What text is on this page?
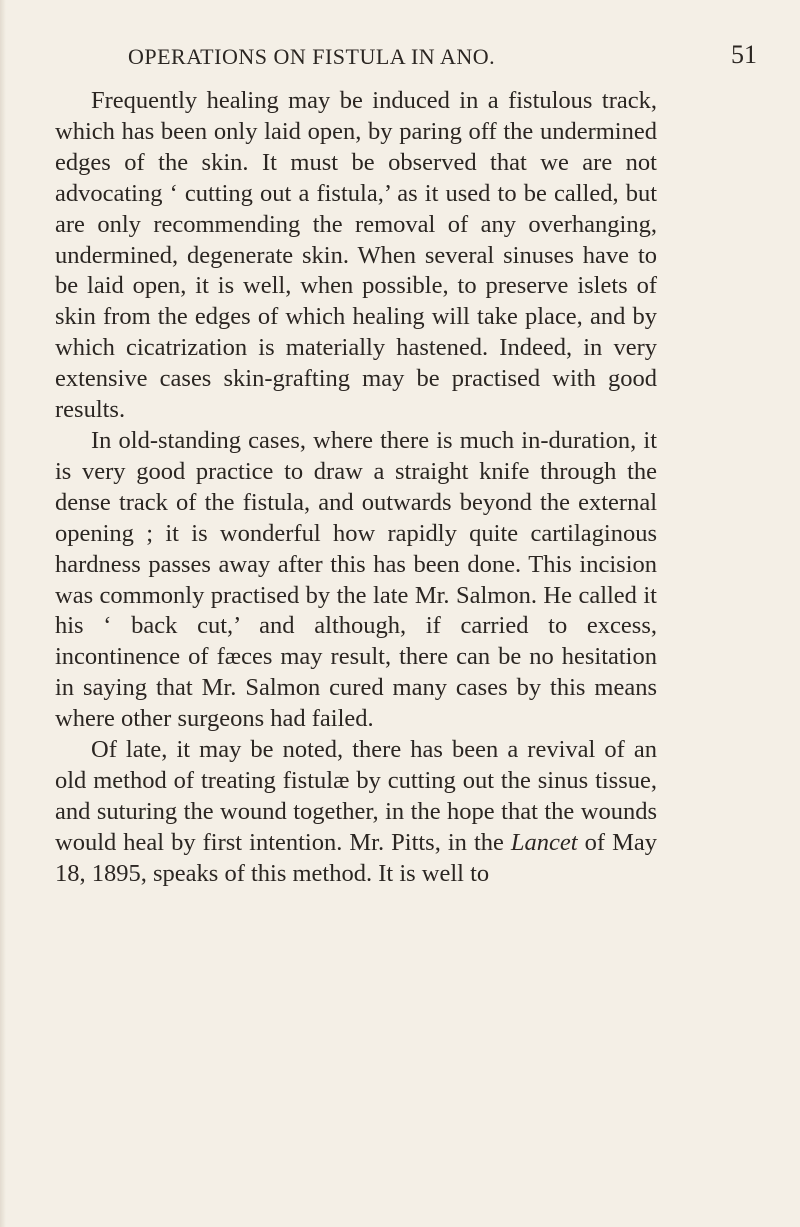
OPERATIONS ON FISTULA IN ANO.	51

Frequently healing may be induced in a fistulous track, which has been only laid open, by paring off the undermined edges of the skin. It must be observed that we are not advocating ‘ cutting out a fistula,’ as it used to be called, but are only recommending the removal of any overhanging, undermined, degenerate skin. When several sinuses have to be laid open, it is well, when possible, to preserve islets of skin from the edges of which healing will take place, and by which cicatrization is materially hastened. Indeed, in very extensive cases skin-grafting may be practised with good results.

In old-standing cases, where there is much in-duration, it is very good practice to draw a straight knife through the dense track of the fistula, and outwards beyond the external opening ; it is wonderful how rapidly quite cartilaginous hardness passes away after this has been done. This incision was commonly practised by the late Mr. Salmon. He called it his ‘ back cut,’ and although, if carried to excess, incontinence of fæces may result, there can be no hesitation in saying that Mr. Salmon cured many cases by this means where other surgeons had failed.

Of late, it may be noted, there has been a revival of an old method of treating fistulæ by cutting out the sinus tissue, and suturing the wound together, in the hope that the wounds would heal by first intention. Mr. Pitts, in the Lancet of May 18, 1895, speaks of this method. It is well to
